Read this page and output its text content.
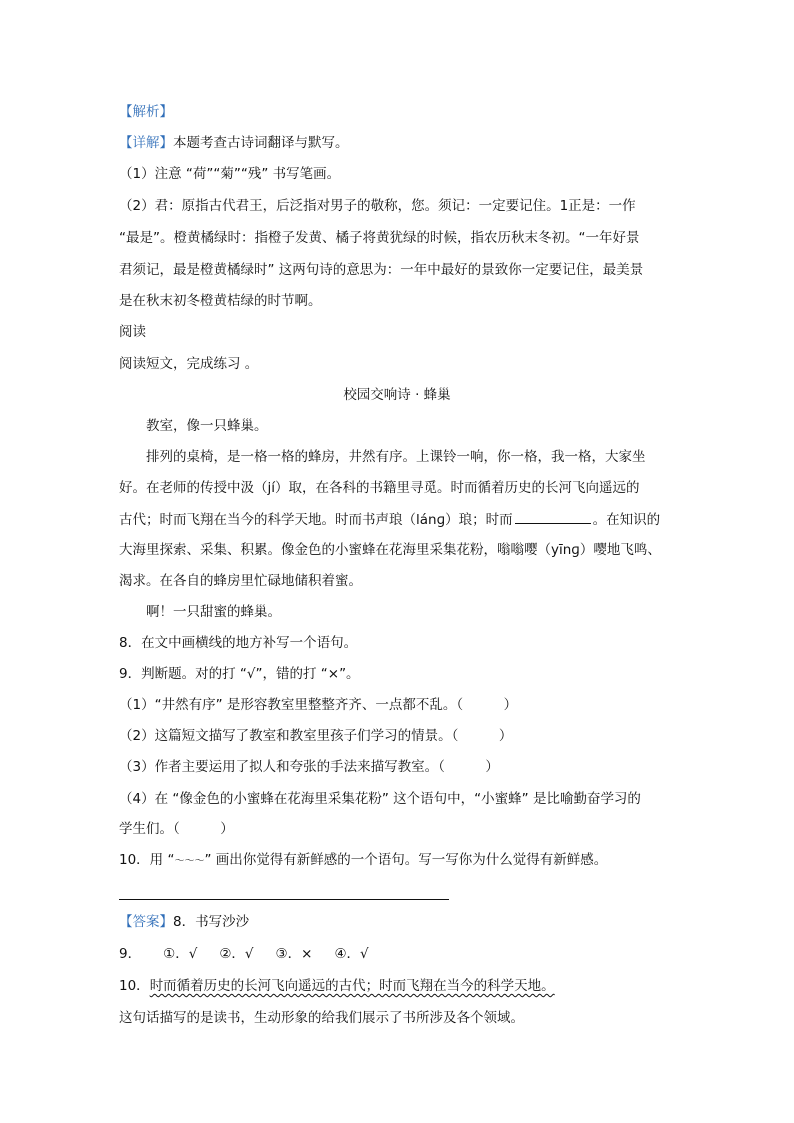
【解析】
【详解】本题考查古诗词翻译与默写。
（1）注意 “荷”“菊”“残” 书写笔画。
（2）君：原指古代君王，后泛指对男子的敬称，您。须记：一定要记住。1正是：一作
“最是”。橙黄橘绿时：指橙子发黄、橘子将黄犹绿的时候，指农历秋末冬初。“一年好景
君须记，最是橙黄橘绿时” 这两句诗的意思为：一年中最好的景致你一定要记住，最美景
是在秋末初冬橙黄桔绿的时节啊。
阅读
阅读短文，完成练习 。
校园交响诗 · 蜂巢
教室，像一只蜂巢。
排列的桌椅，是一格一格的蜂房，井然有序。上课铃一响，你一格，我一格，大家坐
好。在老师的传授中汲（jí）取，在各科的书籍里寻觅。时而循着历史的长河飞向遥远的
古代；时而飞翔在当今的科学天地。时而书声琅（lánɡ）琅；时而	。在知识的
大海里探索、采集、积累。像金色的小蜜蜂在花海里采集花粉，嗡嗡嘤（yīnɡ）嘤地飞鸣、
渴求。在各自的蜂房里忙碌地储积着蜜。
啊！一只甜蜜的蜂巢。
8．在文中画横线的地方补写一个语句。
9．判断题。对的打 “√”，错的打 “×”。
（1）“井然有序” 是形容教室里整整齐齐、一点都不乱。（　　　）
（2）这篇短文描写了教室和教室里孩子们学习的情景。（　　　）
（3）作者主要运用了拟人和夸张的手法来描写教室。（　　　）
（4）在 “像金色的小蜜蜂在花海里采集花粉” 这个语句中，“小蜜蜂” 是比喻勤奋学习的
学生们。（　　　）
10．用 “～～～” 画出你觉得有新鲜感的一个语句。写一写你为什么觉得有新鲜感。
【答案】8．书写沙沙
9． ①．√ ②．√ ③．× ④．√
10．时而循着历史的长河飞向遥远的古代；时而飞翔在当今的科学天地。
这句话描写的是读书，生动形象的给我们展示了书所涉及各个领域。
